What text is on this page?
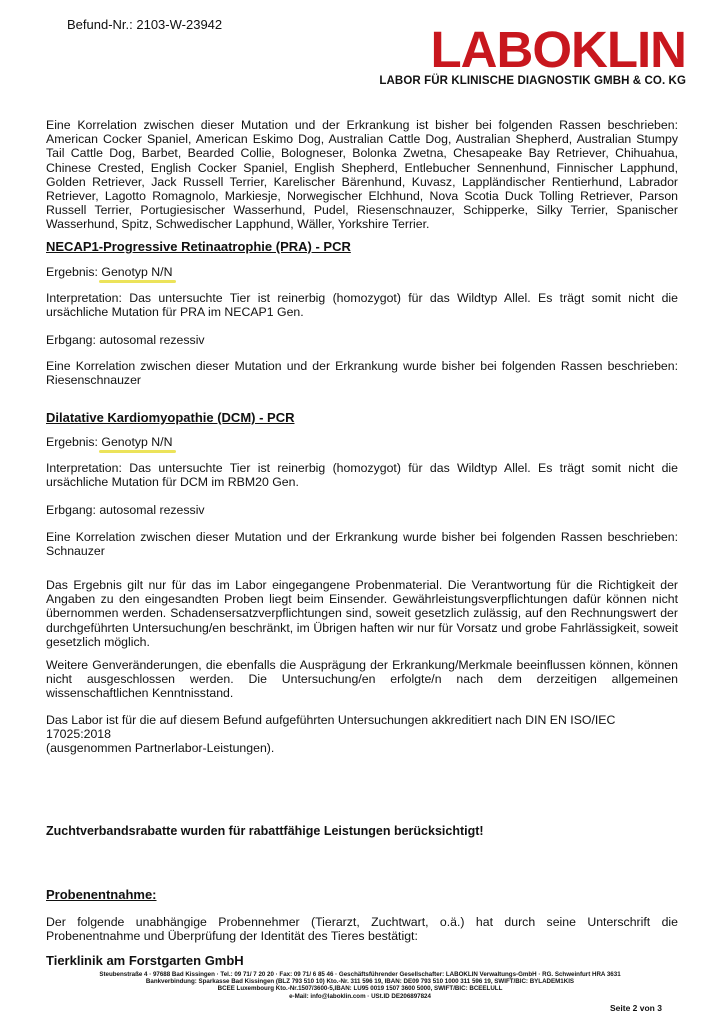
Befund-Nr.: 2103-W-23942	LABOKLIN
LABOR FÜR KLINISCHE DIAGNOSTIK GMBH & CO. KG

Eine Korrelation zwischen dieser Mutation und der Erkrankung ist bisher bei folgenden Rassen beschrieben: American Cocker Spaniel, American Eskimo Dog, Australian Cattle Dog, Australian Shepherd, Australian Stumpy Tail Cattle Dog, Barbet, Bearded Collie, Bologneser, Bolonka Zwetna, Chesapeake Bay Retriever, Chihuahua, Chinese Crested, English Cocker Spaniel, English Shepherd, Entlebucher Sennenhund, Finnischer Lapphund, Golden Retriever, Jack Russell Terrier, Karelischer Bärenhund, Kuvasz, Lappländischer Rentierhund, Labrador Retriever, Lagotto Romagnolo, Markiesje, Norwegischer Elchhund, Nova Scotia Duck Tolling Retriever, Parson Russell Terrier, Portugiesischer Wasserhund, Pudel, Riesenschnauzer, Schipperke, Silky Terrier, Spanischer Wasserhund, Spitz, Schwedischer Lapphund, Wäller, Yorkshire Terrier.

NECAP1-Progressive Retinaatrophie (PRA) - PCR
Ergebnis: Genotyp N/N

Interpretation: Das untersuchte Tier ist reinerbig (homozygot) für das Wildtyp Allel. Es trägt somit nicht die ursächliche Mutation für PRA im NECAP1 Gen.

Erbgang: autosomal rezessiv

Eine Korrelation zwischen dieser Mutation und der Erkrankung wurde bisher bei folgenden Rassen beschrieben: Riesenschnauzer

Dilatative Kardiomyopathie (DCM) - PCR
Ergebnis: Genotyp N/N

Interpretation: Das untersuchte Tier ist reinerbig (homozygot) für das Wildtyp Allel. Es trägt somit nicht die ursächliche Mutation für DCM im RBM20 Gen.

Erbgang: autosomal rezessiv

Eine Korrelation zwischen dieser Mutation und der Erkrankung wurde bisher bei folgenden Rassen beschrieben: Schnauzer

Das Ergebnis gilt nur für das im Labor eingegangene Probenmaterial. Die Verantwortung für die Richtigkeit der Angaben zu den eingesandten Proben liegt beim Einsender. Gewährleistungsverpflichtungen dafür können nicht übernommen werden. Schadensersatzverpflichtungen sind, soweit gesetzlich zulässig, auf den Rechnungswert der durchgeführten Untersuchung/en beschränkt, im Übrigen haften wir nur für Vorsatz und grobe Fahrlässigkeit, soweit gesetzlich möglich.

Weitere Genveränderungen, die ebenfalls die Ausprägung der Erkrankung/Merkmale beeinflussen können, können nicht ausgeschlossen werden. Die Untersuchung/en erfolgte/n nach dem derzeitigen allgemeinen wissenschaftlichen Kenntnisstand.

Das Labor ist für die auf diesem Befund aufgeführten Untersuchungen akkreditiert nach DIN EN ISO/IEC 17025:2018

(ausgenommen Partnerlabor-Leistungen).
Zuchtverbandsrabatte wurden für rabattfähige Leistungen berücksichtigt!
Probenentnahme:

Der folgende unabhängige Probennehmer (Tierarzt, Zuchtwart, o.ä.) hat durch seine Unterschrift die Probenentnahme und Überprüfung der Identität des Tieres bestätigt:

Tierklinik am Forstgarten GmbH
Steubenstraße 4 · 97688 Bad Kissingen · Tel.: 09 71/ 7 20 20 · Fax: 09 71/ 6 85 46 · Geschäftsführender Gesellschafter: LABOKLIN Verwaltungs-GmbH · RG. Schweinfurt HRA 3631
Bankverbindung: Sparkasse Bad Kissingen (BLZ 793 510 10) Kto.-Nr. 311 596 19, IBAN: DE09 793 510 1000 311 596 19, SWIFT/BIC: BYLADEM1KIS
BCEE Luxembourg Kto.-Nr.1507/3600-5,IBAN: LU95 0019 1507 3600 5000, SWIFT/BIC: BCEELULL
e-Mail: info@laboklin.com · USt.ID DE206897824
Seite 2 von 3
